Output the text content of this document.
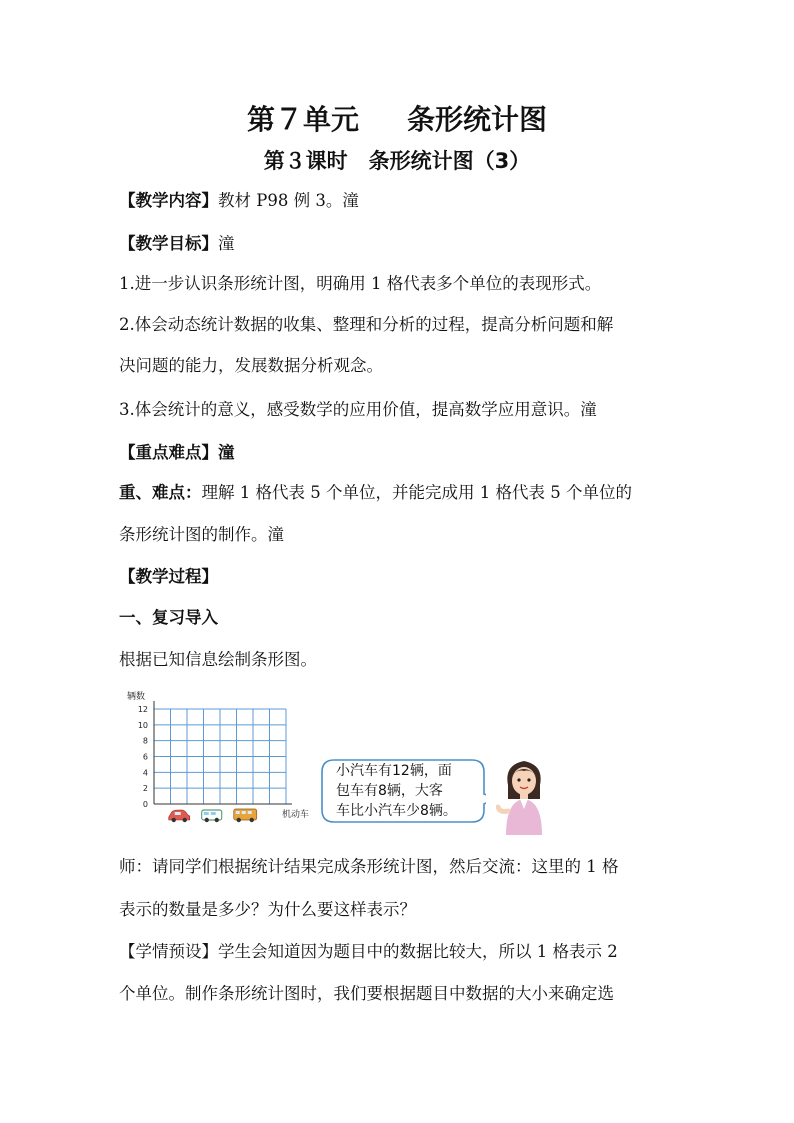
第７单元 条形统计图
第３课时　条形统计图（3）
【教学内容】教材 P98 例 3。潼
【教学目标】潼
1.进一步认识条形统计图，明确用 1 格代表多个单位的表现形式。
2.体会动态统计数据的收集、整理和分析的过程，提高分析问题和解
决问题的能力，发展数据分析观念。
3.体会统计的意义，感受数学的应用价值，提高数学应用意识。潼
【重点难点】潼
重、难点：理解 1 格代表 5 个单位，并能完成用 1 格代表 5 个单位的
条形统计图的制作。潼
【教学过程】
一、复习导入
根据已知信息绘制条形图。
0
2
4
6
8
10
12
辆数
机动车
小汽车有12辆，面
包车有8辆，大客
车比小汽车少8辆。
师：请同学们根据统计结果完成条形统计图，然后交流：这里的 1 格
表示的数量是多少？为什么要这样表示？
【学情预设】学生会知道因为题目中的数据比较大，所以 1 格表示 2
个单位。制作条形统计图时，我们要根据题目中数据的大小来确定选
